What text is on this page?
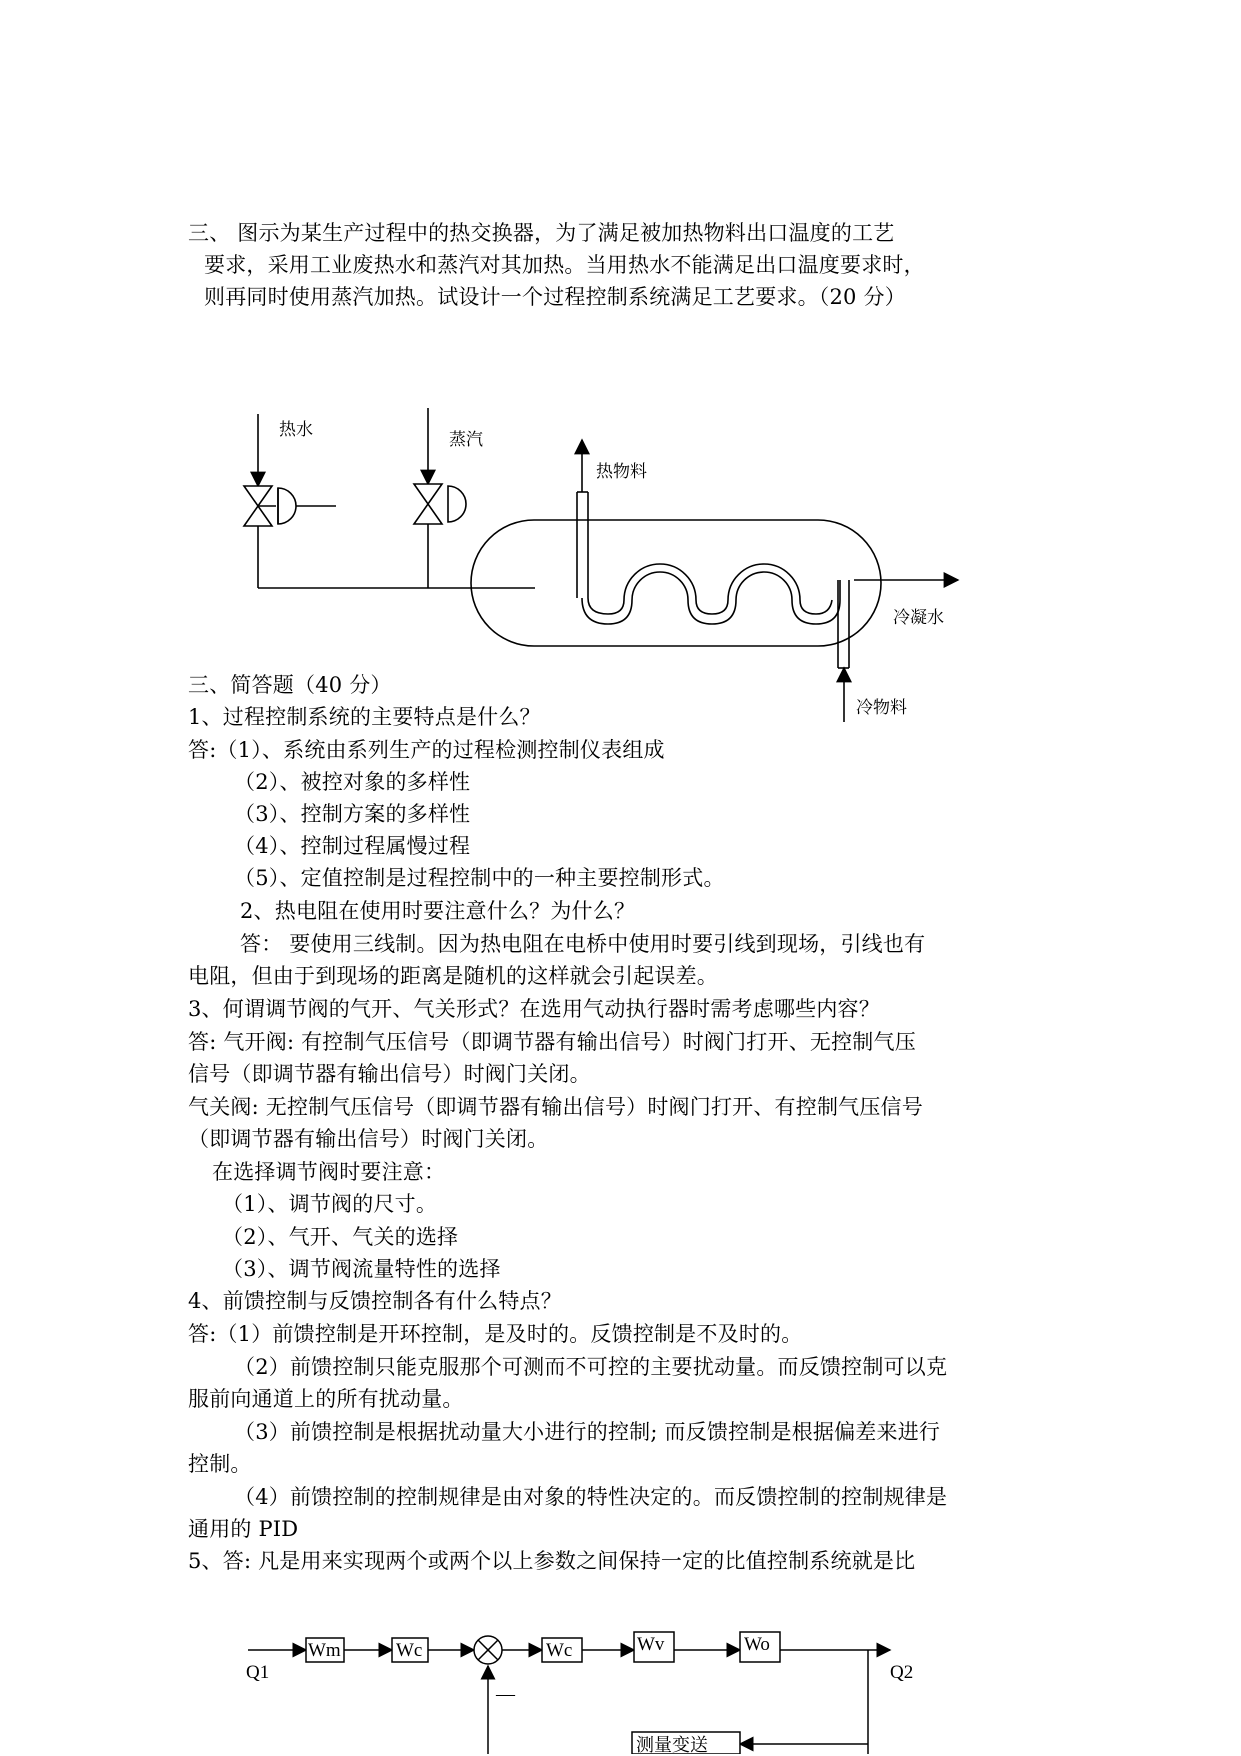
三、 图示为某生产过程中的热交换器，为了满足被加热物料出口温度的工艺
要求，采用工业废热水和蒸汽对其加热。当用热水不能满足出口温度要求时，
则再同时使用蒸汽加热。试设计一个过程控制系统满足工艺要求。（20 分）
热水	蒸汽
热物料
冷凝水
冷物料
三、简答题（40 分）
1、过程控制系统的主要特点是什么？
答:（1）、系统由系列生产的过程检测控制仪表组成
（2）、被控对象的多样性
（3）、控制方案的多样性
（4）、控制过程属慢过程
（5）、定值控制是过程控制中的一种主要控制形式。
2、热电阻在使用时要注意什么？为什么？
答： 要使用三线制。因为热电阻在电桥中使用时要引线到现场，引线也有
电阻，但由于到现场的距离是随机的这样就会引起误差。
3、何谓调节阀的气开、气关形式？在选用气动执行器时需考虑哪些内容？
答: 气开阀: 有控制气压信号（即调节器有输出信号）时阀门打开、无控制气压
信号（即调节器有输出信号）时阀门关闭。
气关阀: 无控制气压信号（即调节器有输出信号）时阀门打开、有控制气压信号
（即调节器有输出信号）时阀门关闭。
在选择调节阀时要注意：
（1）、调节阀的尺寸。
（2）、气开、气关的选择
（3）、调节阀流量特性的选择
4、前馈控制与反馈控制各有什么特点？
答:（1）前馈控制是开环控制，是及时的。反馈控制是不及时的。
（2）前馈控制只能克服那个可测而不可控的主要扰动量。而反馈控制可以克
服前向通道上的所有扰动量。
（3）前馈控制是根据扰动量大小进行的控制; 而反馈控制是根据偏差来进行
控制。
（4）前馈控制的控制规律是由对象的特性决定的。而反馈控制的控制规律是
通用的 PID
5、答: 凡是用来实现两个或两个以上参数之间保持一定的比值控制系统就是比
Wm	Wc	Wc	Wv	Wo
Q1	Q2
—
测量变送
